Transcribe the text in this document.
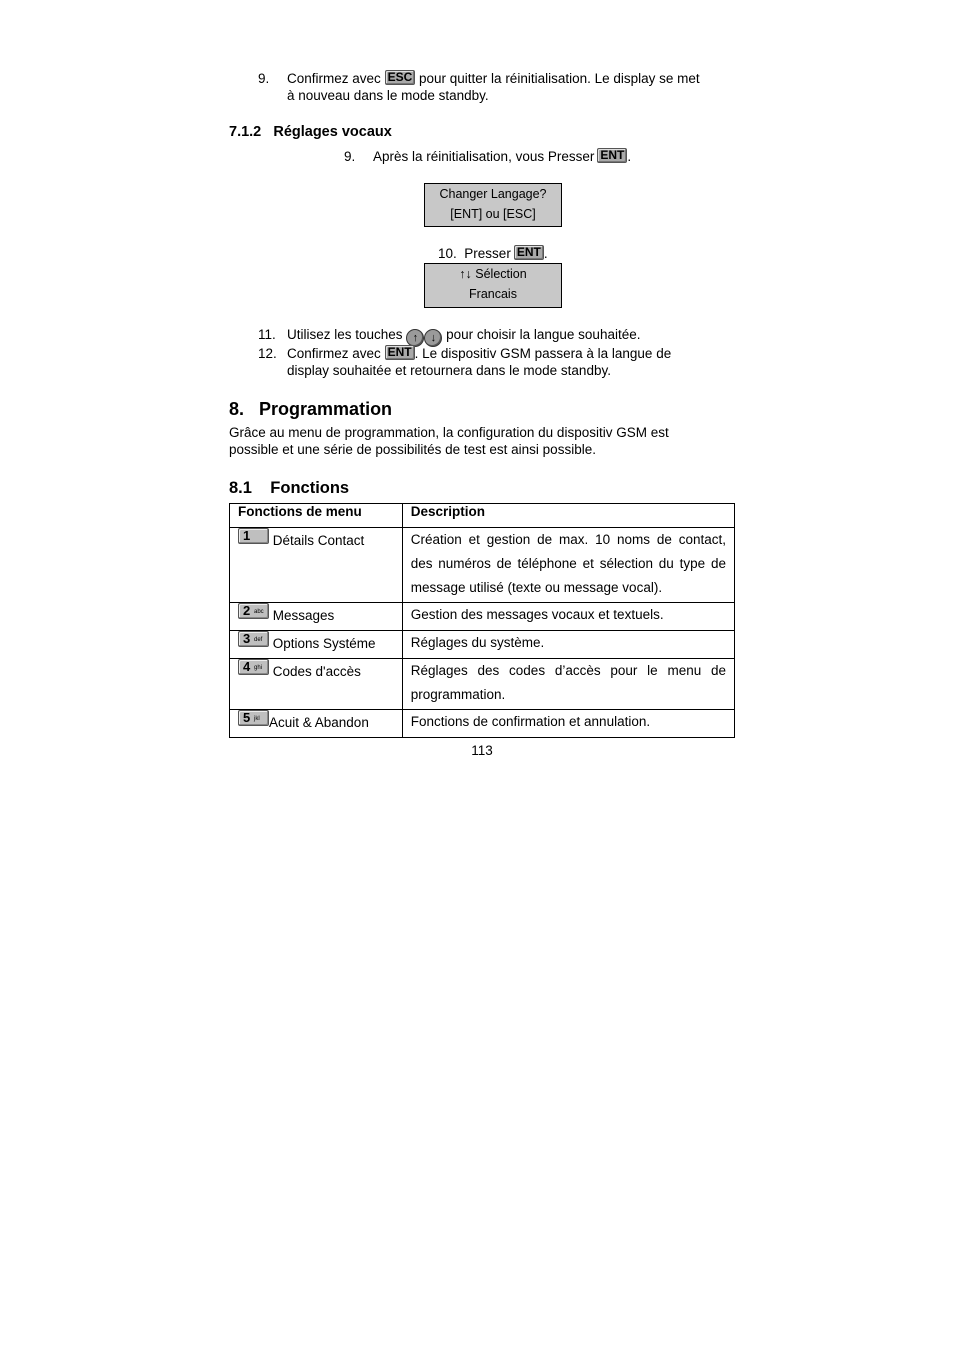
9. Confirmez avec ESC pour quitter la réinitialisation. Le display se met
à nouveau dans le mode standby.
7.1.2 Réglages vocaux
9. Après la réinitialisation, vous Presser ENT .
Changer Langage?
[ENT] ou [ESC]
10. Presser ENT .
↑↓ Sélection
Francais
11. Utilisez les touches ↑ ↓ pour choisir la langue souhaitée.
12. Confirmez avec ENT . Le dispositiv GSM passera à la langue de
display souhaitée et retournera dans le mode standby.
8. Programmation
Grâce au menu de programmation, la configuration du dispositiv GSM est
possible et une série de possibilités de test est ainsi possible.
8.1 Fonctions
Fonctions de menu	Description

1 Détails Contact	Création et gestion de max. 10 noms de contact, des numéros de téléphone et sélection du type de message utilisé (texte ou message vocal).

2 abc Messages	Gestion des messages vocaux et textuels.

3 def Options Systéme	Réglages du système.

4 ghi Codes d'accès	Réglages des codes d’accès pour le menu de programmation.

5 jkl Acuit & Abandon	Fonctions de confirmation et annulation.
113
